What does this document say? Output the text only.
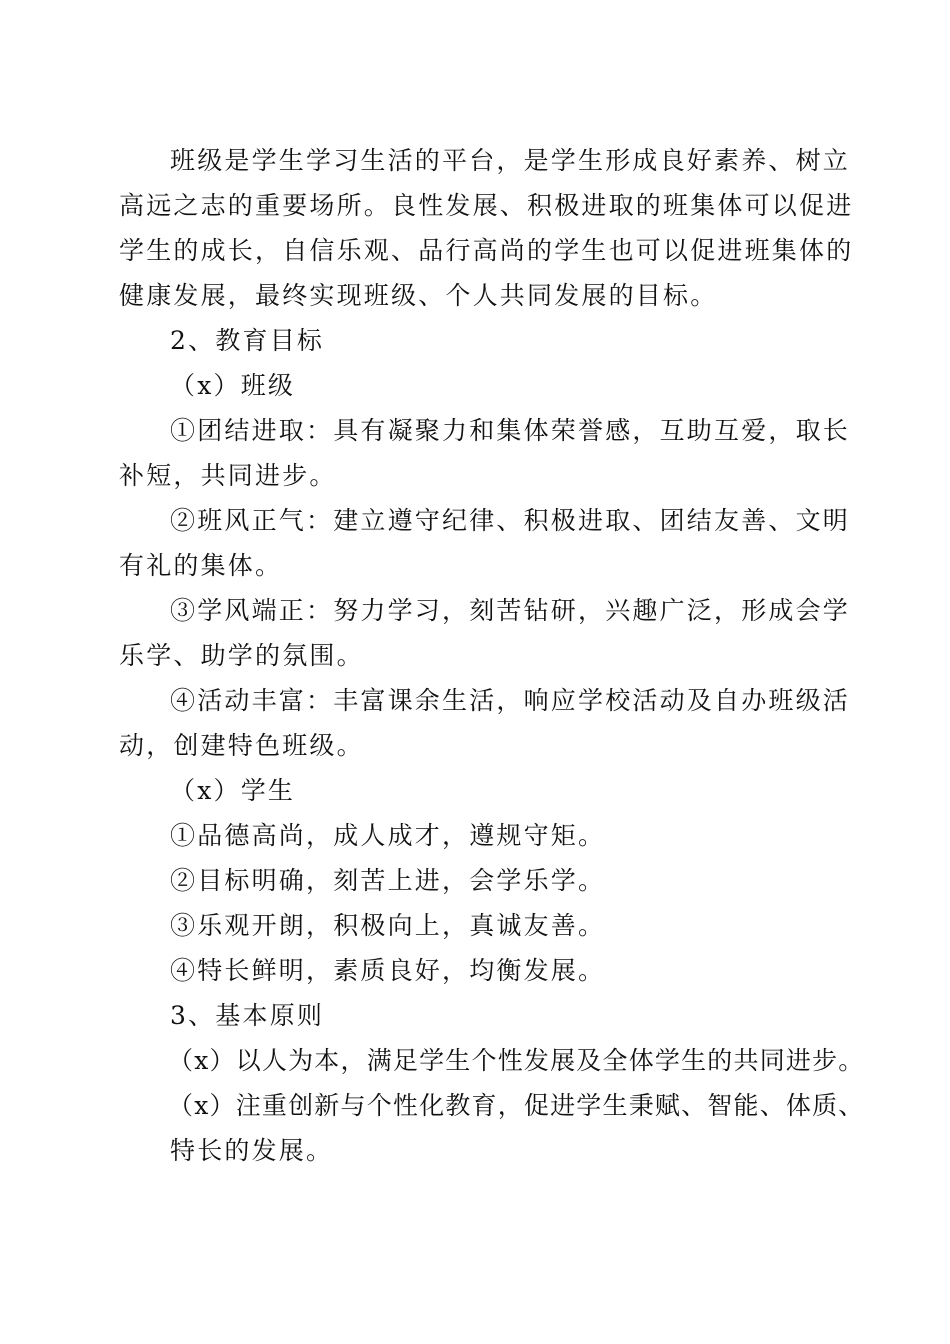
班级是学生学习生活的平台，是学生形成良好素养、树立
高远之志的重要场所。良性发展、积极进取的班集体可以促进
学生的成长，自信乐观、品行高尚的学生也可以促进班集体的
健康发展，最终实现班级、个人共同发展的目标。
2、教育目标
（x）班级
①团结进取：具有凝聚力和集体荣誉感，互助互爱，取长
补短，共同进步。
②班风正气：建立遵守纪律、积极进取、团结友善、文明
有礼的集体。
③学风端正：努力学习，刻苦钻研，兴趣广泛，形成会学
乐学、助学的氛围。
④活动丰富：丰富课余生活，响应学校活动及自办班级活
动，创建特色班级。
（x）学生
①品德高尚，成人成才，遵规守矩。
②目标明确，刻苦上进，会学乐学。
③乐观开朗，积极向上，真诚友善。
④特长鲜明，素质良好，均衡发展。
3、基本原则
（x）以人为本，满足学生个性发展及全体学生的共同进步。
（x）注重创新与个性化教育，促进学生秉赋、智能、体质、
特长的发展。
